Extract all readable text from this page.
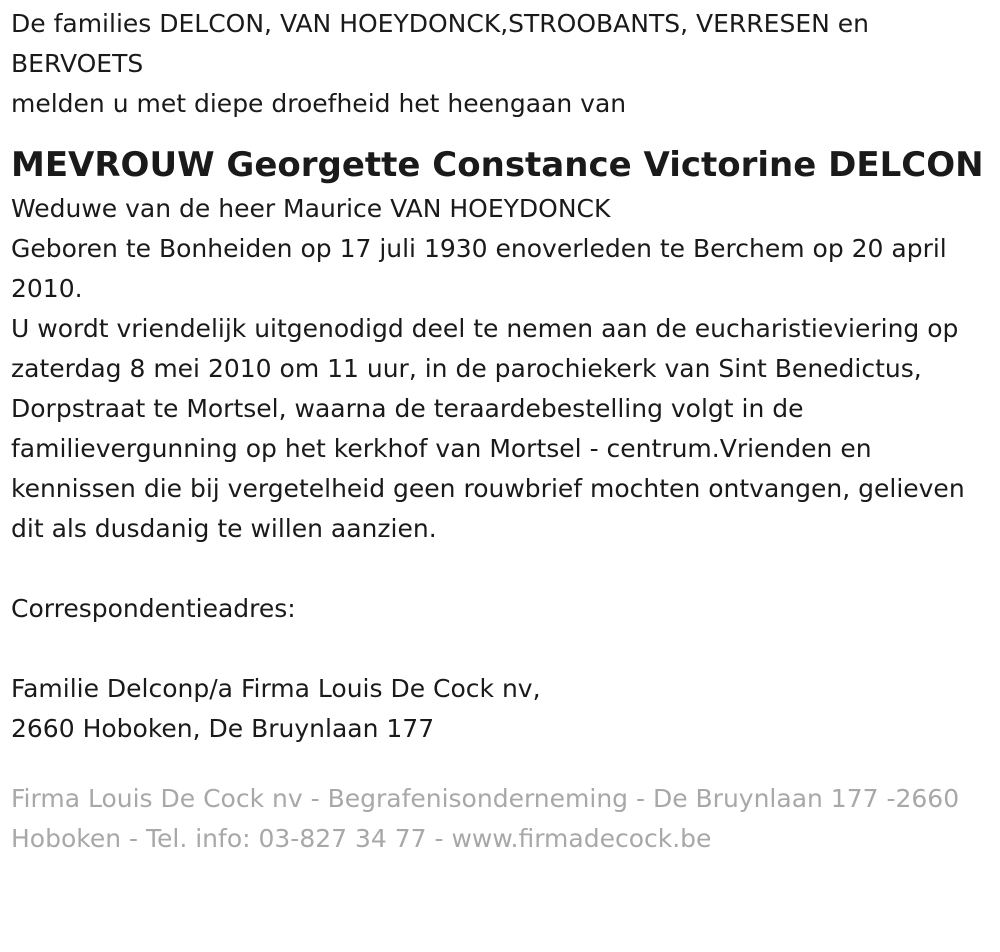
De families DELCON, VAN HOEYDONCK,STROOBANTS, VERRESEN en BERVOETS

melden u met diepe droefheid het heengaan van

MEVROUW Georgette Constance Victorine DELCON

Weduwe van de heer Maurice VAN HOEYDONCK

Geboren te Bonheiden op 17 juli 1930 enoverleden te Berchem op 20 april 2010.

U wordt vriendelijk uitgenodigd deel te nemen aan de eucharistieviering op zaterdag 8 mei 2010 om 11 uur, in de parochiekerk van Sint Benedictus, Dorpstraat te Mortsel, waarna de teraardebestelling volgt in de familievergunning op het kerkhof van Mortsel - centrum.Vrienden en kennissen die bij vergetelheid geen rouwbrief mochten ontvangen, gelieven dit als dusdanig te willen aanzien.

Correspondentieadres:

Familie Delconp/a Firma Louis De Cock nv,

2660 Hoboken, De Bruynlaan 177

Firma Louis De Cock nv - Begrafenisonderneming - De Bruynlaan 177 -2660 Hoboken - Tel. info: 03-827 34 77 - www.firmadecock.be
